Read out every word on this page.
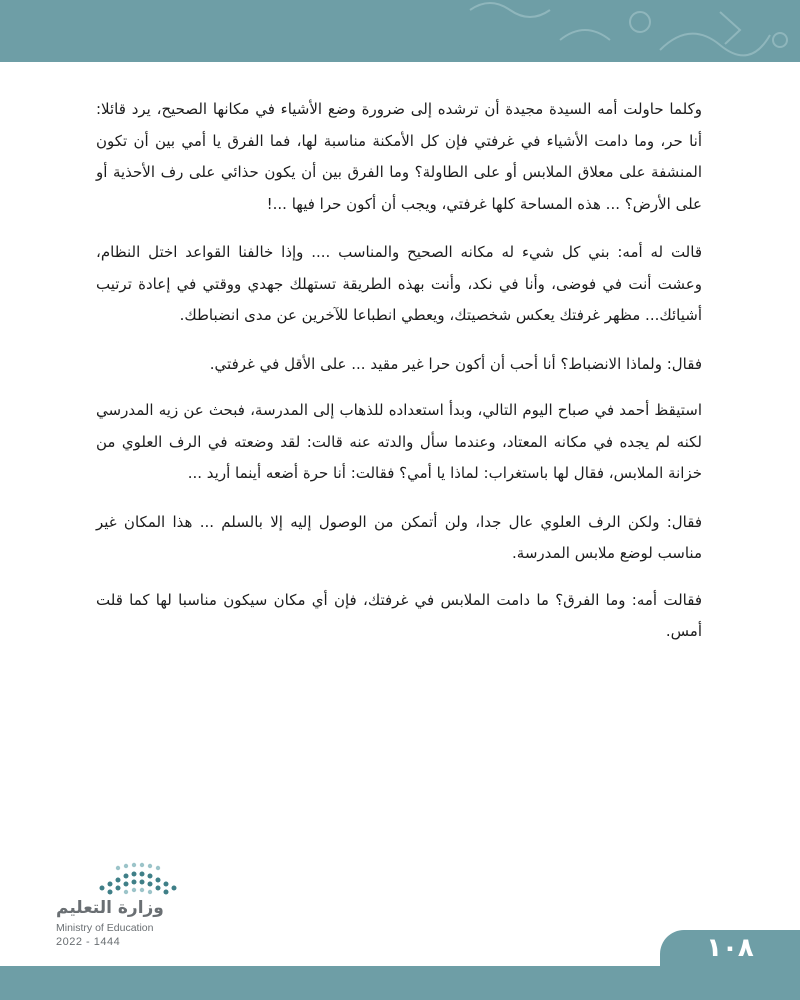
وكلما حاولت أمه السيدة مجيدة أن ترشده إلى ضرورة وضع الأشياء في مكانها الصحيح، يرد قائلا: أنا حر، وما دامت الأشياء في غرفتي فإن كل الأمكنة مناسبة لها، فما الفرق يا أمي بين أن تكون المنشفة على معلاق الملابس أو على الطاولة؟ وما الفرق بين أن يكون حذائي على رف الأحذية أو على الأرض؟ ... هذه المساحة كلها غرفتي، ويجب أن أكون حرا فيها ...!

قالت له أمه: بني كل شيء له مكانه الصحيح والمناسب .... وإذا خالفنا القواعد اختل النظام، وعشت أنت في فوضى، وأنا في نكد، وأنت بهذه الطريقة تستهلك جهدي ووقتي في إعادة ترتيب أشيائك... مظهر غرفتك يعكس شخصيتك، ويعطي انطباعا للآخرين عن مدى انضباطك.

فقال: ولماذا الانضباط؟ أنا أحب أن أكون حرا غير مقيد ... على الأقل في غرفتي.

استيقظ أحمد في صباح اليوم التالي، وبدأ استعداده للذهاب إلى المدرسة، فبحث عن زيه المدرسي لكنه لم يجده في مكانه المعتاد، وعندما سأل والدته عنه قالت: لقد وضعته في الرف العلوي من خزانة الملابس، فقال لها باستغراب: لماذا يا أمي؟ فقالت: أنا حرة أضعه أينما أريد ...

فقال: ولكن الرف العلوي عال جدا، ولن أتمكن من الوصول إليه إلا بالسلم ... هذا المكان غير مناسب لوضع ملابس المدرسة.

فقالت أمه: وما الفرق؟ ما دامت الملابس في غرفتك، فإن أي مكان سيكون مناسبا لها كما قلت أمس.

وزارة التعليم
Ministry of Education
2022 - 1444	١٠٨
